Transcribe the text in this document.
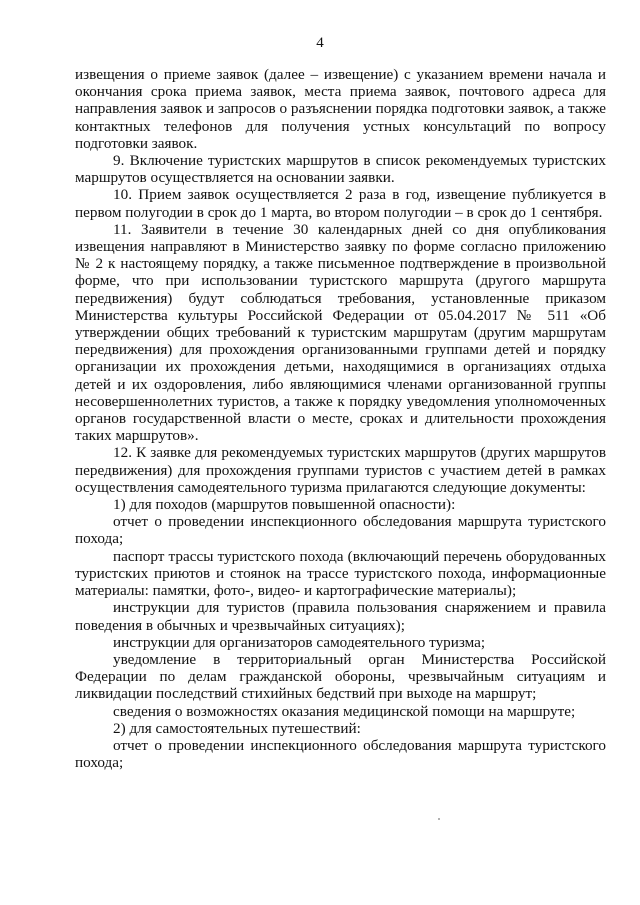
4

извещения о приеме заявок (далее – извещение) с указанием времени начала и окончания срока приема заявок, места приема заявок, почтового адреса для направления заявок и запросов о разъяснении порядка подготовки заявок, а также контактных телефонов для получения устных консультаций по вопросу подготовки заявок.

9. Включение туристских маршрутов в список рекомендуемых туристских маршрутов осуществляется на основании заявки.

10. Прием заявок осуществляется 2 раза в год, извещение публикуется в первом полугодии в срок до 1 марта, во втором полугодии – в срок до 1 сентября.

11. Заявители в течение 30 календарных дней со дня опубликования извещения направляют в Министерство заявку по форме согласно приложению № 2 к настоящему порядку, а также письменное подтверждение в произвольной форме, что при использовании туристского маршрута (другого маршрута передвижения) будут соблюдаться требования, установленные приказом Министерства культуры Российской Федерации от 05.04.2017 № 511 «Об утверждении общих требований к туристским маршрутам (другим маршрутам передвижения) для прохождения организованными группами детей и порядку организации их прохождения детьми, находящимися в организациях отдыха детей и их оздоровления, либо являющимися членами организованной группы несовершеннолетних туристов, а также к порядку уведомления уполномоченных органов государственной власти о месте, сроках и длительности прохождения таких маршрутов».

12. К заявке для рекомендуемых туристских маршрутов (других маршрутов передвижения) для прохождения группами туристов с участием детей в рамках осуществления самодеятельного туризма прилагаются следующие документы:

1) для походов (маршрутов повышенной опасности):

отчет о проведении инспекционного обследования маршрута туристского похода;

паспорт трассы туристского похода (включающий перечень оборудованных туристских приютов и стоянок на трассе туристского похода, информационные материалы: памятки, фото-, видео- и картографические материалы);

инструкции для туристов (правила пользования снаряжением и правила поведения в обычных и чрезвычайных ситуациях);

инструкции для организаторов самодеятельного туризма;

уведомление в территориальный орган Министерства Российской Федерации по делам гражданской обороны, чрезвычайным ситуациям и ликвидации последствий стихийных бедствий при выходе на маршрут;

сведения о возможностях оказания медицинской помощи на маршруте;

2) для самостоятельных путешествий:

отчет о проведении инспекционного обследования маршрута туристского похода;
